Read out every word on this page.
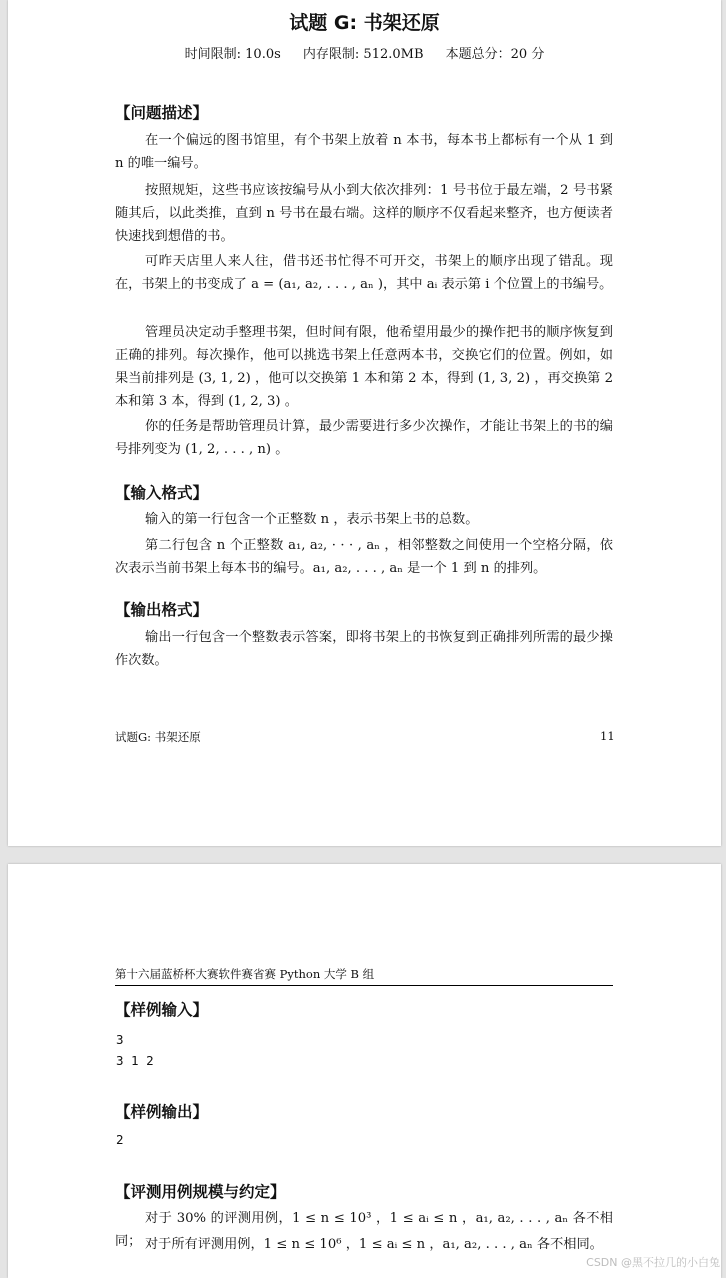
试题 G: 书架还原
时间限制: 10.0s 内存限制: 512.0MB 本题总分：20 分
【问题描述】
在一个偏远的图书馆里，有个书架上放着 n 本书，每本书上都标有一个从 1 到 n 的唯一编号。
按照规矩，这些书应该按编号从小到大依次排列：1 号书位于最左端，2 号书紧随其后，以此类推，直到 n 号书在最右端。这样的顺序不仅看起来整齐，也方便读者快速找到想借的书。
可昨天店里人来人往，借书还书忙得不可开交，书架上的顺序出现了错乱。现在，书架上的书变成了 a = (a₁, a₂, . . . , aₙ )，其中 aᵢ 表示第 i 个位置上的书编号。
管理员决定动手整理书架，但时间有限，他希望用最少的操作把书的顺序恢复到正确的排列。每次操作，他可以挑选书架上任意两本书，交换它们的位置。例如，如果当前排列是 (3, 1, 2) ，他可以交换第 1 本和第 2 本，得到 (1, 3, 2) ，再交换第 2 本和第 3 本，得到 (1, 2, 3) 。
你的任务是帮助管理员计算，最少需要进行多少次操作，才能让书架上的书的编号排列变为 (1, 2, . . . , n) 。
【输入格式】
输入的第一行包含一个正整数 n ，表示书架上书的总数。
第二行包含 n 个正整数 a₁, a₂, · · · , aₙ ，相邻整数之间使用一个空格分隔，依次表示当前书架上每本书的编号。a₁, a₂, . . . , aₙ 是一个 1 到 n 的排列。
【输出格式】
输出一行包含一个整数表示答案，即将书架上的书恢复到正确排列所需的最少操作次数。
试题G: 书架还原	11
第十六届蓝桥杯大赛软件赛省赛 Python 大学 B 组
【样例输入】
3
3 1 2
【样例输出】
2
【评测用例规模与约定】
对于 30% 的评测用例，1 ≤ n ≤ 10³ ，1 ≤ aᵢ ≤ n ，a₁, a₂, . . . , aₙ 各不相同； 对于所有评测用例，1 ≤ n ≤ 10⁶ ，1 ≤ aᵢ ≤ n ，a₁, a₂, . . . , aₙ 各不相同。
CSDN @黑不拉几的小白兔
